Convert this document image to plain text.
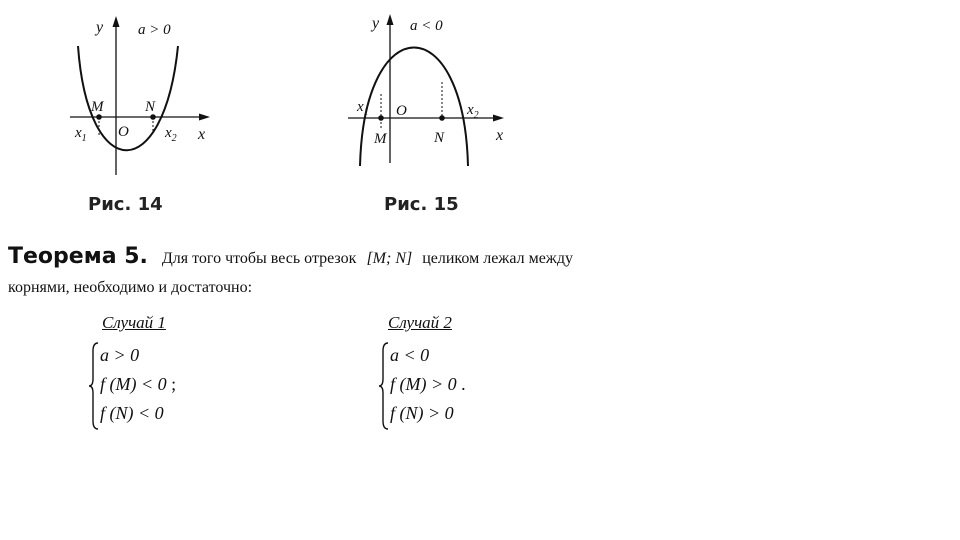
y a > 0
M	N
O	x
$x_1$	$x_2$
y a < 0
$x_1$ O
M	N
$x_2$
x
Рис. 14	Рис. 15
Теорема 5. Для того чтобы весь отрезок [M; N] целиком лежал между
корнями, необходимо и достаточно:
Случай 1
a > 0
f (M) < 0 ;
f (N) < 0
Случай 2
a < 0
f (M) > 0 .
f (N) > 0
